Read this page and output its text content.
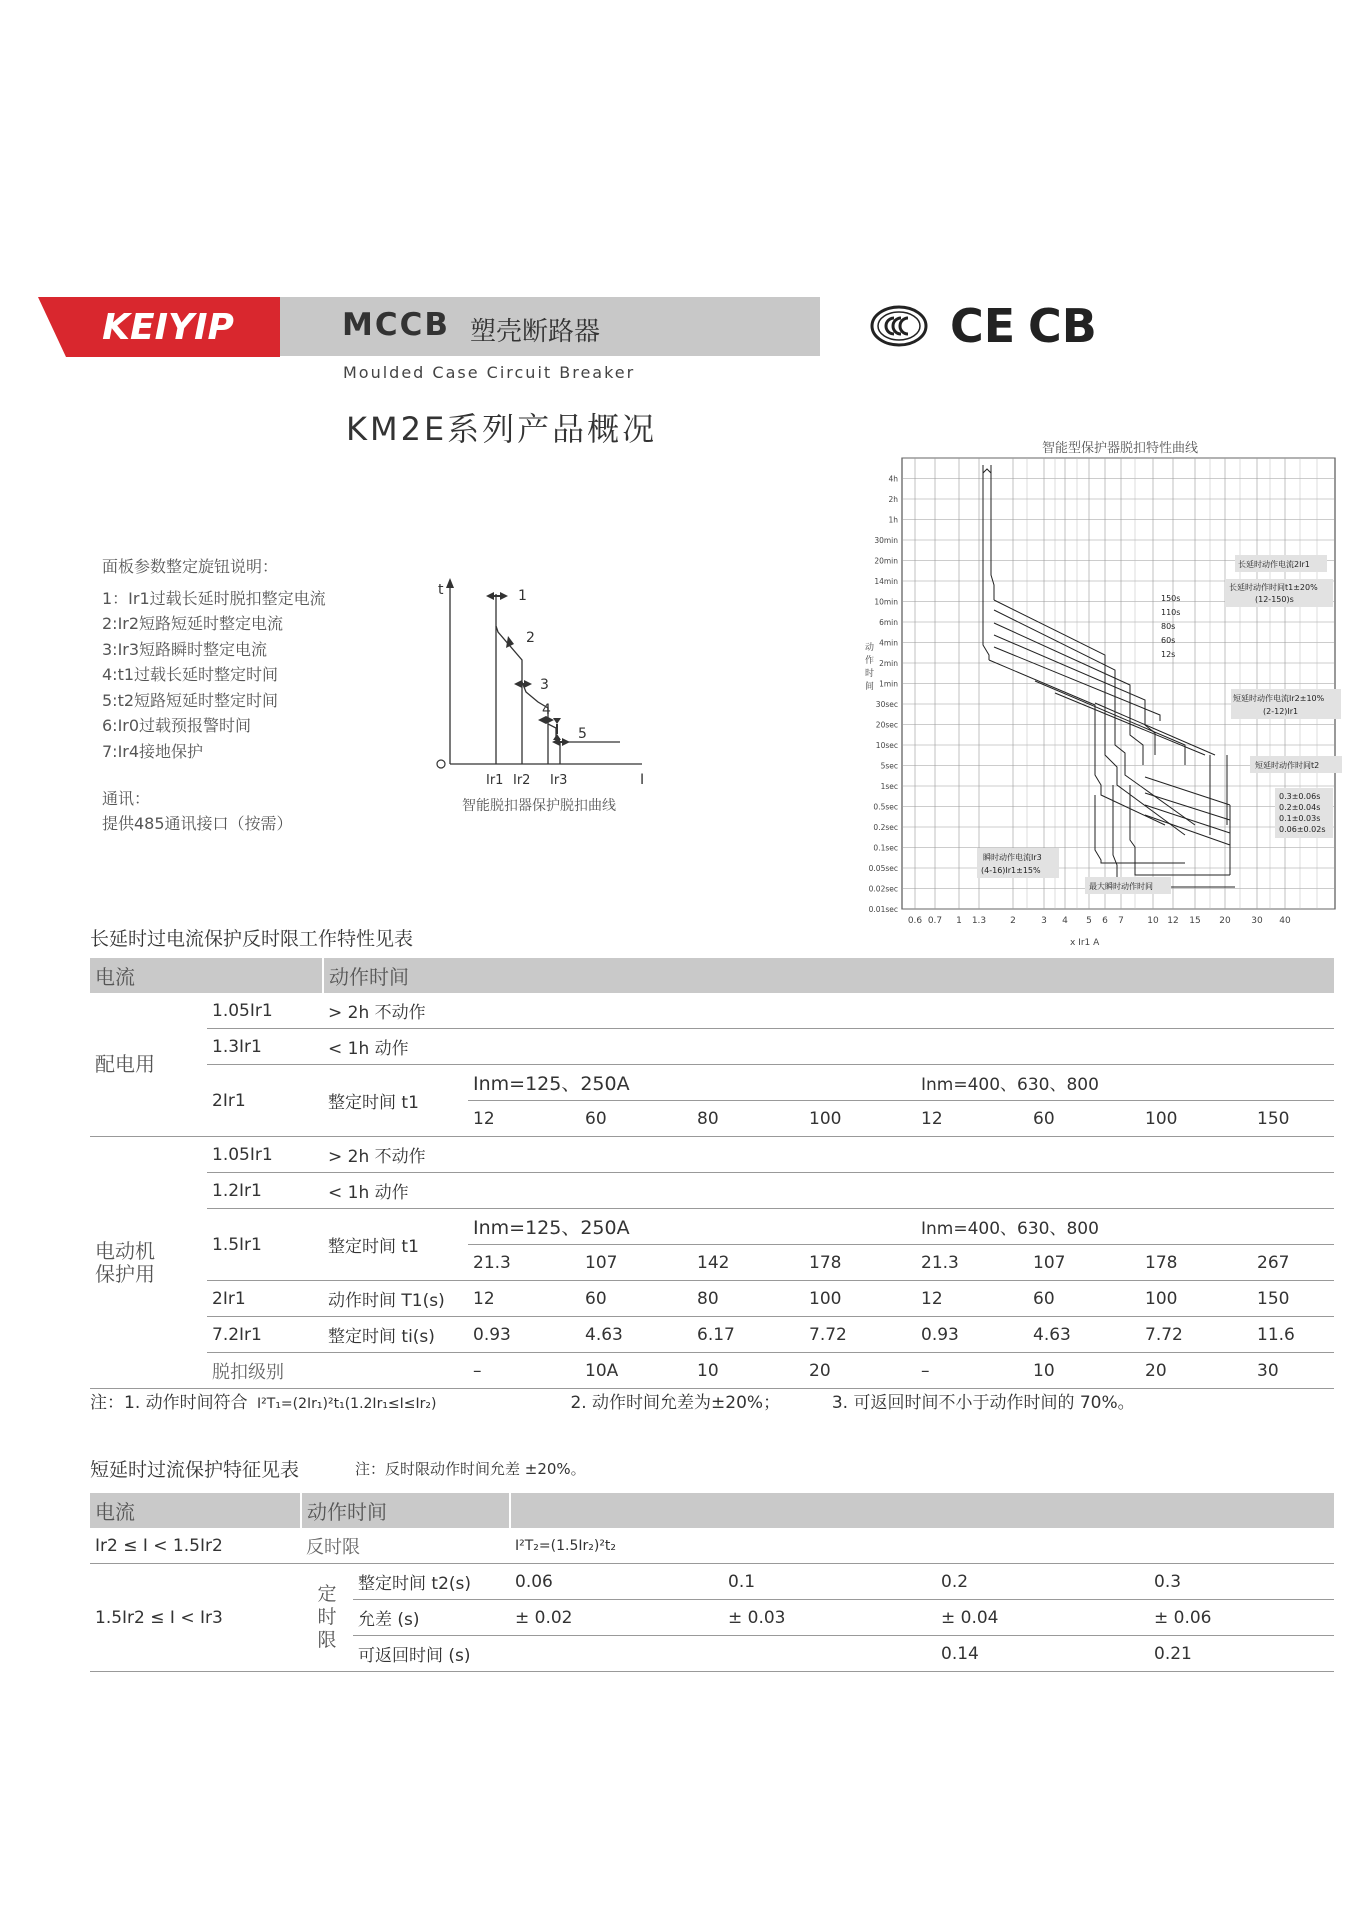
KEIYIP	MCCB 塑壳断路器
Moulded Case Circuit Breaker
KM2E系列产品概况
CE CB
面板参数整定旋钮说明：
1：Ir1过载长延时脱扣整定电流
2:Ir2短路短延时整定电流
3:Ir3短路瞬时整定电流
4:t1过载长延时整定时间
5:t2短路短延时整定时间
6:Ir0过载预报警时间
7:Ir4接地保护
通讯：
提供485通讯接口（按需）
t
I
1
2
3
4
5
Ir1 Ir2 Ir3
智能脱扣器保护脱扣曲线
智能型保护器脱扣特性曲线
4h
2h
1h
30min
20min
14min
10min
6min
4min
2min
1min
30sec
20sec
10sec
5sec
1sec
0.5sec
0.2sec
0.1sec
0.05sec
0.02sec
0.01sec
0.6 0.7 1 1.3	2	3 4 5 6 7	10 12 15 20 30 40
动作时间
x Ir1 A
长延时动作电流2Ir1
长延时动作时间t1±20%
(12-150)s
150s
110s
80s
60s
12s
短延时动作电流Ir2±10%
(2-12)Ir1
短延时动作时间t2
0.3±0.06s
0.2±0.04s
0.1±0.03s
0.06±0.02s
瞬时动作电流Ir3
(4-16)Ir1±15%
最大瞬时动作时间
长延时过电流保护反时限工作特性见表
电流		动作时间								
配电用	1.05Ir1	> 2h 不动作								
	1.3Ir1	< 1h 动作								
	2Ir1	整定时间 t1	Inm=125、250A				Inm=400、630、800			
			12	60	80	100	12	60	100	150
电动机保护用	1.05Ir1	> 2h 不动作								
	1.2Ir1	< 1h 动作								
	1.5Ir1	整定时间 t1	Inm=125、250A				Inm=400、630、800			
			21.3	107	142	178	21.3	107	178	267
	2Ir1	动作时间 T1(s)	12	60	80	100	12	60	100	150
	7.2Ir1	整定时间 ti(s)	0.93	4.63	6.17	7.72	0.93	4.63	7.72	11.6
	脱扣级别		–	10A	10	20	–	10	20	30
注：1. 动作时间符合 I²T₁=(2Ir₁)²t₁(1.2Ir₁≤I≤Ir₂)	2. 动作时间允差为±20%；	3. 可返回时间不小于动作时间的 70%。
短延时过流保护特征见表	注：反时限动作时间允差 ±20%。
电流	动作时间					
Ir2 ≤ I < 1.5Ir2	反时限		I²T₂=(1.5Ir₂)²t₂			
1.5Ir2 ≤ I < Ir3	定时限	整定时间 t2(s)	0.06	0.1	0.2	0.3
		允差 (s)	± 0.02	± 0.03	± 0.04	± 0.06
		可返回时间 (s)			0.14	0.21
